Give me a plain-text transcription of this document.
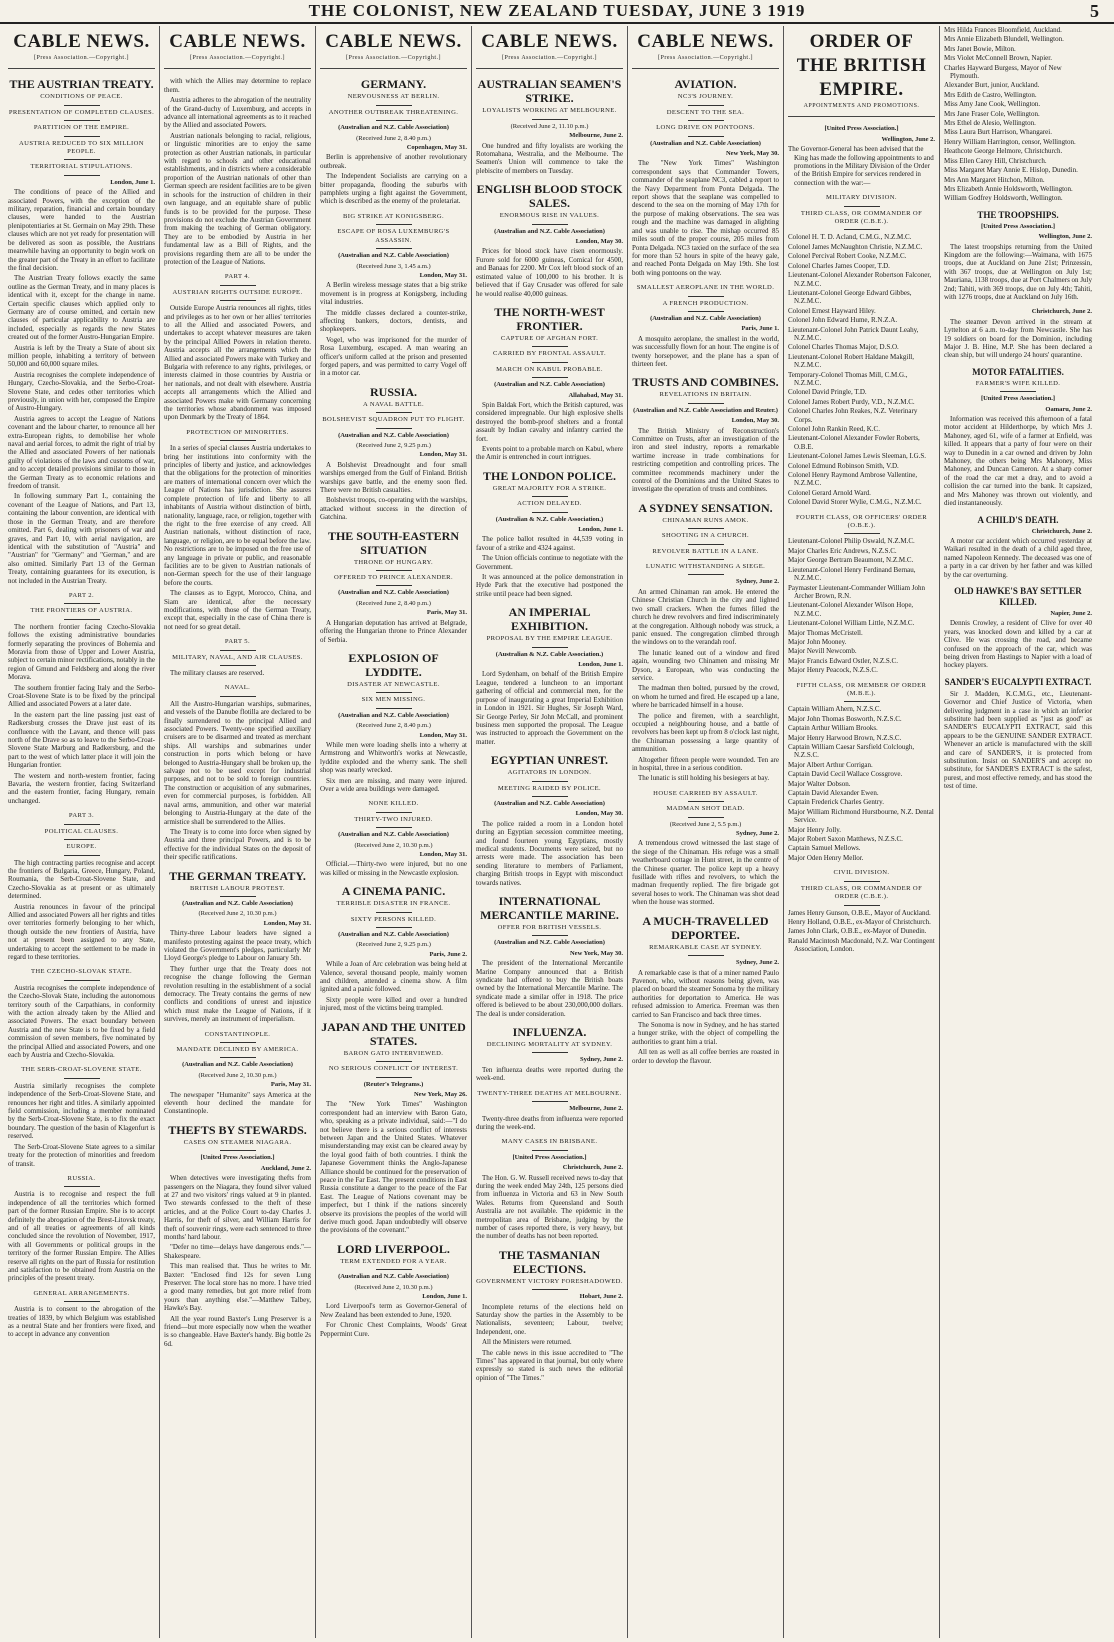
THE COLONIST, NEW ZEALAND TUESDAY, JUNE 3 1919	5
CABLE NEWS.
[Press Association.—Copyright.]
THE AUSTRIAN TREATY.
CONDITIONS OF PEACE.
PRESENTATION OF COMPLETED CLAUSES.
PARTITION OF THE EMPIRE.
AUSTRIA REDUCED TO SIX MILLION PEOPLE.
TERRITORIAL STIPULATIONS.
London, June 1.

The conditions of peace of the Allied and associated Powers, with the exception of the military, reparation, financial and certain boundary clauses, were handed to the Austrian plenipotentiaries at St. Germain on May 29th. These clauses which are not yet ready for presentation will be delivered as soon as possible, the Austrians meanwhile having an opportunity to begin work on the greater part of the Treaty in an effort to facilitate the final decision.

The Austrian Treaty follows exactly the same outline as the German Treaty, and in many places is identical with it, except for the change in name. Certain specific clauses which applied only to Germany are of course omitted, and certain new clauses of particular applicability to Austria are included, especially as regards the new States created out of the former Austro-Hungarian Empire.

Austria is left by the Treaty a State of about six million people, inhabiting a territory of between 50,000 and 60,000 square miles.

Austria recognises the complete independence of Hungary, Czecho-Slovakia, and the Serbo-Croat-Slovene State, and cedes other territories which previously, in union with her, composed the Empire of Austro-Hungary.

Austria agrees to accept the League of Nations covenant and the labour charter, to renounce all her extra-European rights, to demobilise her whole naval and aerial forces, to admit the right of trial by the Allied and associated Powers of her nationals guilty of violations of the laws and customs of war, and to accept detailed provisions similar to those in the German Treaty as to economic relations and freedom of transit.

In following summary Part I., containing the covenant of the League of Nations, and Part 13, containing the labour convention, are identical with those in the German Treaty, and are therefore omitted. Part 6, dealing with prisoners of war and graves, and Part 10, with aerial navigation, are identical with the substitution of "Austria" and "Austrian" for "Germany" and "German," and are also omitted. Similarly Part 13 of the German Treaty, containing guarantees for its execution, is not included in the Austrian Treaty.

PART 2.
THE FRONTIERS OF AUSTRIA.

The northern frontier facing Czecho-Slovakia follows the existing administrative boundaries formerly separating the provinces of Bohemia and Moravia from those of Upper and Lower Austria, subject to certain minor rectifications, notably in the region of Gmund and Feldsberg and along the river Morava.

The southern frontier facing Italy and the Serbo-Croat-Slovene State is to be fixed by the principal Allied and associated Powers at a later date.

In the eastern part the line passing just east of Radkersburg crosses the Drave just east of its confluence with the Lavant, and thence will pass north of the Drave so as to leave to the Serbo-Croat-Slovene State Marburg and Radkersburg, and the part to the west of which latter place it will join the Hungarian frontier.

The western and north-western frontier, facing Bavaria, the western frontier, facing Switzerland and the eastern frontier, facing Hungary, remain unchanged.

PART 3.
POLITICAL CLAUSES.
EUROPE.

The high contracting parties recognise and accept the frontiers of Bulgaria, Greece, Hungary, Poland, Roumania, the Serb-Croat-Slovene State, and Czecho-Slovakia as at present or as ultimately determined.

Austria renounces in favour of the principal Allied and associated Powers all her rights and titles over territories formerly belonging to her which, though outside the new frontiers of Austria, have not at present been assigned to any State, undertaking to accept the settlement to be made in regard to these territories.

THE CZECHO-SLOVAK STATE.

Austria recognises the complete independence of the Czecho-Slovak State, including the autonomous territory south of the Carpathians, in conformity with the action already taken by the Allied and associated Powers. The exact boundary between Austria and the new State is to be fixed by a field commission of seven members, five nominated by the principal Allied and associated Powers, and one each by Austria and Czecho-Slovakia.

THE SERB-CROAT-SLOVENE STATE.

Austria similarly recognises the complete independence of the Serb-Croat-Slovene State, and renounces her right and titles. A similarly appointed field commission, including a member nominated by the Serb-Croat-Slovene State, is to fix the exact boundary. The question of the basin of Klagenfurt is reserved.

The Serb-Croat-Slovene State agrees to a similar treaty for the protection of minorities and freedom of transit.

RUSSIA.

Austria is to recognise and respect the full independence of all the territories which formed part of the former Russian Empire. She is to accept definitely the abrogation of the Brest-Litovsk treaty, and of all treaties or agreements of all kinds concluded since the revolution of November, 1917, with all Governments or political groups in the territory of the former Russian Empire. The Allies reserve all rights on the part of Russia for restitution and satisfaction to be obtained from Austria on the principles of the present treaty.

GENERAL ARRANGEMENTS.

Austria is to consent to the abrogation of the treaties of 1839, by which Belgium was established as a neutral State and her frontiers were fixed, and to accept in advance any convention

CABLE NEWS.
[Press Association.—Copyright.]

with which the Allies may determine to replace them.

Austria adheres to the abrogation of the neutrality of the Grand-duchy of Luxemburg, and accepts in advance all international agreements as to it reached by the Allied and associated Powers.

Austrian nationals belonging to racial, religious, or linguistic minorities are to enjoy the same protection as other Austrian nationals, in particular with regard to schools and other educational establishments, and in districts where a considerable proportion of the Austrian nationals of other than German speech are resident facilities are to be given in schools for the instruction of children in their own language, and an equitable share of public funds is to be provided for the purpose. These provisions do not exclude the Austrian Government from making the teaching of German obligatory. They are to be embodied by Austria in her fundamental law as a Bill of Rights, and the provisions regarding them are all to be under the protection of the League of Nations.

PART 4.
AUSTRIAN RIGHTS OUTSIDE EUROPE.

Outside Europe Austria renounces all rights, titles and privileges as to her own or her allies' territories to all the Allied and associated Powers, and undertakes to accept whatever measures are taken by the principal Allied Powers in relation thereto. Austria accepts all the arrangements which the Allied and associated Powers make with Turkey and Bulgaria with reference to any rights, privileges, or interests claimed in those countries by Austria or her nationals, and not dealt with elsewhere. Austria accepts all arrangements which the Allied and associated Powers make with Germany concerning the territories whose abandonment was imposed upon Denmark by the Treaty of 1864.

PROTECTION OF MINORITIES.

In a series of special clauses Austria undertakes to bring her institutions into conformity with the principles of liberty and justice, and acknowledges that the obligations for the protection of minorities are matters of international concern over which the League of Nations has jurisdiction. She assures complete protection of life and liberty to all inhabitants of Austria without distinction of birth, nationality, language, race, or religion, together with the right to the free exercise of any creed. All Austrian nationals, without distinction of race, language, or religion, are to be equal before the law. No restrictions are to be imposed on the free use of any language in private or public, and reasonable facilities are to be given to Austrian nationals of non-German speech for the use of their language before the courts.

The clauses as to Egypt, Morocco, China, and Siam are identical, after the necessary modifications, with those of the German Treaty, except that, especially in the case of China there is not need for so great detail.

PART 5.
MILITARY, NAVAL, AND AIR CLAUSES.

The military clauses are reserved.

NAVAL.

All the Austro-Hungarian warships, submarines, and vessels of the Danube flotilla are declared to be finally surrendered to the principal Allied and associated Powers. Twenty-one specified auxiliary cruisers are to be disarmed and treated as merchant ships. All warships and submarines under construction in ports which belong or have belonged to Austria-Hungary shall be broken up, the salvage not to be used except for industrial purposes, and not to be sold to foreign countries. The construction or acquisition of any submarines, even for commercial purposes, is forbidden. All naval arms, ammunition, and other war material belonging to Austria-Hungary at the date of the armistice shall be surrendered to the Allies.

The Treaty is to come into force when signed by Austria and three principal Powers, and is to be effective for the individual States on the deposit of their specific ratifications.

THE GERMAN TREATY.
BRITISH LABOUR PROTEST.
(Australian and N.Z. Cable Association)
(Received June 2, 10.30 p.m.)
London, May 31.

Thirty-three Labour leaders have signed a manifesto protesting against the peace treaty, which violated the Government's pledges, particularly Mr Lloyd George's pledge to Labour on January 5th.

They further urge that the Treaty does not recognise the change following the German revolution resulting in the establishment of a social democracy. The Treaty contains the germs of new conflicts and conditions of unrest and injustice which must make the League of Nations, if it survives, merely an instrument of imperialism.

CONSTANTINOPLE.
MANDATE DECLINED BY AMERICA.
(Australian and N.Z. Cable Association)
(Received June 2, 10.30 p.m.)
Paris, May 31.

The newspaper "Humanite" says America at the eleventh hour declined the mandate for Constantinople.

THEFTS BY STEWARDS.
CASES ON STEAMER NIAGARA.
[United Press Association.]
Auckland, June 2.

When detectives were investigating thefts from passengers on the Niagara, they found silver valued at 27 and two visitors' rings valued at 9 in planted. Two stewards confessed to the theft of these articles, and at the Police Court to-day Charles J. Harris, for theft of silver, and William Harris for theft of souvenir rings, were each sentenced to three months' hard labour.

"Defer no time—delays have dangerous ends."—Shakespeare.

This man realised that. Thus he writes to Mr. Baxter: "Enclosed find 12s for seven Lung Preserver. The local store has no more. I have tried a good many remedies, but got more relief from yours than anything else."—Matthew Talbey, Hawke's Bay.

All the year round Baxter's Lung Preserver is a friend—but more especially now when the weather is so changeable. Have Baxter's handy. Big bottle 2s 6d.

CABLE NEWS.
[Press Association.—Copyright.]
GERMANY.
NERVOUSNESS AT BERLIN.
ANOTHER OUTBREAK THREATENING.
(Australian and N.Z. Cable Association)
(Received June 2, 8.40 p.m.)
Copenhagen, May 31.

Berlin is apprehensive of another revolutionary outbreak.

The Independent Socialists are carrying on a bitter propaganda, flooding the suburbs with pamphlets urging a fight against the Government, which is described as the enemy of the proletariat.

BIG STRIKE AT KONIGSBERG.
ESCAPE OF ROSA LUXEMBURG'S ASSASSIN.
(Australian and N.Z. Cable Association)
(Received June 3, 1.45 a.m.)
London, May 31.

A Berlin wireless message states that a big strike movement is in progress at Konigsberg, including vital industries.

The middle classes declared a counter-strike, affecting bankers, doctors, dentists, and shopkeepers.

Vogel, who was imprisoned for the murder of Rosa Luxemburg, escaped. A man wearing an officer's uniform called at the prison and presented forged papers, and was permitted to carry Vogel off in a motor car.

RUSSIA.
A NAVAL BATTLE.
BOLSHEVIST SQUADRON PUT TO FLIGHT.
(Australian and N.Z. Cable Association)
(Received June 2, 9.25 p.m.)
London, May 31.

A Bolshevist Dreadnought and four small warships emerged from the Gulf of Finland. British warships gave battle, and the enemy soon fled. There were no British casualties.

Bolshevist troops, co-operating with the warships, attacked without success in the direction of Gatchina.

THE SOUTH-EASTERN SITUATION
THRONE OF HUNGARY.
OFFERED TO PRINCE ALEXANDER.
(Australian and N.Z. Cable Association)
(Received June 2, 8.40 p.m.)
Paris, May 31.

A Hungarian deputation has arrived at Belgrade, offering the Hungarian throne to Prince Alexander of Serbia.

EXPLOSION OF LYDDITE.
DISASTER AT NEWCASTLE.
SIX MEN MISSING.
(Australian and N.Z. Cable Association)
(Received June 2, 8.40 p.m.)
London, May 31.

While men were loading shells into a wherry at Armstrong and Whitworth's works at Newcastle, lyddite exploded and the wherry sank. The shell shop was nearly wrecked.

Six men are missing, and many were injured. Over a wide area buildings were damaged.

NONE KILLED.
THIRTY-TWO INJURED.
(Australian and N.Z. Cable Association)
(Received June 2, 10.30 p.m.)
London, May 31.

Official.—Thirty-two were injured, but no one was killed or missing in the Newcastle explosion.

A CINEMA PANIC.
TERRIBLE DISASTER IN FRANCE.
SIXTY PERSONS KILLED.
(Australian and N.Z. Cable Association)
(Received June 2, 9.25 p.m.)
Paris, June 2.

While a Joan of Arc celebration was being held at Valence, several thousand people, mainly women and children, attended a cinema show. A film ignited and a panic followed.

Sixty people were killed and over a hundred injured, most of the victims being trampled.

JAPAN AND THE UNITED STATES.
BARON GATO INTERVIEWED.
NO SERIOUS CONFLICT OF INTEREST.
(Reuter's Telegrams.)
New York, May 26.

The "New York Times" Washington correspondent had an interview with Baron Gato, who, speaking as a private individual, said:—"I do not believe there is a serious conflict of interests between Japan and the United States. Whatever misunderstanding may exist can be cleared away by the loyal good faith of both countries. I think the Japanese Government thinks the Anglo-Japanese Alliance should be continued for the preservation of peace in the Far East. The present conditions in East Russia constitute a danger to the peace of the Far East. The League of Nations covenant may be imperfect, but I think if the nations sincerely observe its provisions the peoples of the world will derive much good. Japan undoubtedly will observe the provisions of the covenant."

LORD LIVERPOOL.
TERM EXTENDED FOR A YEAR.
(Australian and N.Z. Cable Association)
(Received June 2, 10.30 p.m.)
London, June 1.

Lord Liverpool's term as Governor-General of New Zealand has been extended to June, 1920.

For Chronic Chest Complaints, Woods' Great Peppermint Cure.

CABLE NEWS.
[Press Association.—Copyright.]
AUSTRALIAN SEAMEN'S STRIKE.
LOYALISTS WORKING AT MELBOURNE.
(Received June 2, 11.10 p.m.)
Melbourne, June 2.

One hundred and fifty loyalists are working the Rotomahana, Westralia, and the Melbourne. The Seamen's Union will commence to take the plebiscite of members on Tuesday.

ENGLISH BLOOD STOCK SALES.
ENORMOUS RISE IN VALUES.
(Australian and N.Z. Cable Association)
London, May 30.

Prices for blood stock have risen enormously. Furore sold for 6000 guineas, Comical for 4500, and Banaas for 2200. Mr Cox left blood stock of an estimated value of 100,000 to his brother. It is believed that if Gay Crusader was offered for sale he would realise 40,000 guineas.

THE NORTH-WEST FRONTIER.
CAPTURE OF AFGHAN FORT.
CARRIED BY FRONTAL ASSAULT.
MARCH ON KABUL PROBABLE.
(Australian and N.Z. Cable Association)
Allahabad, May 31.

Spin Baldak Fort, which the British captured, was considered impregnable. Our high explosive shells destroyed the bomb-proof shelters and a frontal assault by Indian cavalry and infantry carried the fort.

Events point to a probable march on Kabul, where the Amir is entrenched in court intrigues.

THE LONDON POLICE.
GREAT MAJORITY FOR A STRIKE.
ACTION DELAYED.
(Australian & N.Z. Cable Association.)
London, June 1.

The police ballot resulted in 44,539 voting in favour of a strike and 4324 against.

The Union officials continue to negotiate with the Government.

It was announced at the police demonstration in Hyde Park that the executive had postponed the strike until peace had been signed.

AN IMPERIAL EXHIBITION.
PROPOSAL BY THE EMPIRE LEAGUE.
(Australian & N.Z. Cable Association.)
London, June 1.

Lord Sydenham, on behalf of the British Empire League, tendered a luncheon to an important gathering of official and commercial men, for the purpose of inaugurating a great Imperial Exhibition in London in 1921. Sir Hughes, Sir Joseph Ward, Sir George Perley, Sir John McCall, and prominent business men supported the proposal. The League was instructed to approach the Government on the matter.

EGYPTIAN UNREST.
AGITATORS IN LONDON.
MEETING RAIDED BY POLICE.
(Australian and N.Z. Cable Association)
London, May 30.

The police raided a room in a London hotel during an Egyptian secession committee meeting, and found fourteen young Egyptians, mostly medical students. Documents were seized, but no arrests were made. The association has been sending literature to members of Parliament, charging British troops in Egypt with misconduct towards natives.

INTERNATIONAL MERCANTILE MARINE.
OFFER FOR BRITISH VESSELS.
(Australian and N.Z. Cable Association)
New York, May 30.

The president of the International Mercantile Marine Company announced that a British syndicate had offered to buy the British boats owned by the International Mercantile Marine. The syndicate made a similar offer in 1918. The price offered is believed to be about 230,000,000 dollars. The deal is under consideration.

INFLUENZA.
DECLINING MORTALITY AT SYDNEY.
Sydney, June 2.

Ten influenza deaths were reported during the week-end.

TWENTY-THREE DEATHS AT MELBOURNE.
Melbourne, June 2.

Twenty-three deaths from influenza were reported during the week-end.

MANY CASES IN BRISBANE.
[United Press Association.]
Christchurch, June 2.

The Hon. G. W. Russell received news to-day that during the week ended May 24th, 125 persons died from influenza in Victoria and 63 in New South Wales. Returns from Queensland and South Australia are not available. The epidemic in the metropolitan area of Brisbane, judging by the number of cases reported there, is very heavy, but the number of deaths has not been reported.

THE TASMANIAN ELECTIONS.
GOVERNMENT VICTORY FORESHADOWED.
Hobart, June 2.

Incomplete returns of the elections held on Saturday show the parties in the Assembly to be Nationalists, seventeen; Labour, twelve; Independent, one.

All the Ministers were returned.

The cable news in this issue accredited to "The Times" has appeared in that journal, but only where expressly so stated is such news the editorial opinion of "The Times."

CABLE NEWS.
[Press Association.—Copyright.]
AVIATION.
NC3'S JOURNEY.
DESCENT TO THE SEA.
LONG DRIVE ON PONTOONS.
(Australian and N.Z. Cable Association)
New York, May 30.

The "New York Times" Washington correspondent says that Commander Towers, commander of the seaplane NC3, cabled a report to the Navy Department from Ponta Delgada. The report shows that the seaplane was compelled to descend to the sea on the morning of May 17th for the purpose of making observations. The sea was rough and the machine was damaged in alighting and was unable to rise. The mishap occurred 85 miles south of the proper course, 205 miles from Ponta Delgada. NC3 taxied on the surface of the sea for more than 52 hours in spite of the heavy gale, and reached Ponta Delgada on May 19th. She lost both wing pontoons on the way.

SMALLEST AEROPLANE IN THE WORLD.
A FRENCH PRODUCTION.
(Australian and N.Z. Cable Association)
Paris, June 1.

A mosquito aeroplane, the smallest in the world, was successfully flown for an hour. The engine is of twenty horsepower, and the plane has a span of thirteen feet.

TRUSTS AND COMBINES.
REVELATIONS IN BRITAIN.
(Australian and N.Z. Cable Association and Reuter.)
London, May 30.

The British Ministry of Reconstruction's Committee on Trusts, after an investigation of the iron and steel industry, reports a remarkable wartime increase in trade combinations for restricting competition and controlling prices. The committee recommends machinery under the control of the Dominions and the United States to investigate the operation of trusts and combines.

A SYDNEY SENSATION.
CHINAMAN RUNS AMOK.
SHOOTING IN A CHURCH.
REVOLVER BATTLE IN A LANE.
LUNATIC WITHSTANDING A SIEGE.
Sydney, June 2.

An armed Chinaman ran amok. He entered the Chinese Christian Church in the city and lighted two small crackers. When the fumes filled the church he drew revolvers and fired indiscriminately at the congregation. Although nobody was struck, a panic ensued. The congregation climbed through the windows on to the verandah roof.

The lunatic leaned out of a window and fired again, wounding two Chinamen and missing Mr Dyson, a European, who was conducting the service.

The madman then bolted, pursued by the crowd, on whom he turned and fired. He escaped up a lane, where he barricaded himself in a house.

The police and firemen, with a searchlight, occupied a neighbouring house, and a battle of revolvers has been kept up from 8 o'clock last night, the Chinaman possessing a large quantity of ammunition.

Altogether fifteen people were wounded. Ten are in hospital, three in a serious condition.

The lunatic is still holding his besiegers at bay.

HOUSE CARRIED BY ASSAULT.
MADMAN SHOT DEAD.
(Received June 2, 5.5 p.m.)
Sydney, June 2.

A tremendous crowd witnessed the last stage of the siege of the Chinaman. His refuge was a small weatherboard cottage in Hunt street, in the centre of the Chinese quarter. The police kept up a heavy fusillade with rifles and revolvers, to which the madman frequently replied. The fire brigade got several hoses to work. The Chinaman was shot dead when the house was stormed.

A MUCH-TRAVELLED DEPORTEE.
REMARKABLE CASE AT SYDNEY.
Sydney, June 2.

A remarkable case is that of a miner named Paulo Pavenon, who, without reasons being given, was placed on board the steamer Sonoma by the military authorities for deportation to America. He was refused admission to America. Freeman was then carried to San Francisco and back three times.

The Sonoma is now in Sydney, and he has started a hunger strike, with the object of compelling the authorities to grant him a trial.

All ten as well as all coffee berries are roasted in order to develop the flavour.

ORDER OF THE BRITISH EMPIRE.
APPOINTMENTS AND PROMOTIONS.
[United Press Association.]
Wellington, June 2.

The Governor-General has been advised that the King has made the following appointments to and promotions in the Military Division of the Order of the British Empire for services rendered in connection with the war:—

MILITARY DIVISION.
THIRD CLASS, OR COMMANDER OF ORDER (C.B.E.).

Colonel H. T. D. Acland, C.M.G., N.Z.M.C.

Colonel James McNaughton Christie, N.Z.M.C.

Colonel Percival Robert Cooke, N.Z.M.C.

Colonel Charles James Cooper, T.D.

Lieutenant-Colonel Alexander Robertson Falconer, N.Z.M.C.

Lieutenant-Colonel George Edward Gibbes, N.Z.M.C.

Colonel Ernest Hayward Hiley.

Colonel John Edward Hume, R.N.Z.A.

Lieutenant-Colonel John Patrick Daunt Leahy, N.Z.M.C.

Colonel Charles Thomas Major, D.S.O.

Lieutenant-Colonel Robert Haldane Makgill, N.Z.M.C.

Temporary-Colonel Thomas Mill, C.M.G., N.Z.M.C.

Colonel David Pringle, T.D.

Colonel James Robert Purdy, V.D., N.Z.M.C.

Colonel Charles John Reakes, N.Z. Veterinary Corps.

Colonel John Rankin Reed, K.C.

Lieutenant-Colonel Alexander Fowler Roberts, O.B.E.

Lieutenant-Colonel James Lewis Sleeman, I.G.S.

Colonel Edmund Robinson Smith, V.D.

Colonel Henry Raymond Ambrose Vallentine, N.Z.M.C.

Colonel Gerard Arnold Ward.

Colonel David Storer Wylie, C.M.G., N.Z.M.C.

FOURTH CLASS, OR OFFICERS' ORDER (O.B.E.).

Lieutenant-Colonel Philip Oswald, N.Z.M.C.

Major Charles Eric Andrews, N.Z.S.C.

Major George Bertram Beaumont, N.Z.M.C.

Lieutenant-Colonel Henry Ferdinand Bernau, N.Z.M.C.

Paymaster Lieutenant-Commander William John Archer Brown, R.N.

Lieutenant-Colonel Alexander Wilson Hope, N.Z.M.C.

Lieutenant-Colonel William Little, N.Z.M.C.

Major Thomas McCristell.

Major John Mooney.

Major Nevill Newcomb.

Major Francis Edward Ostler, N.Z.S.C.

Major Henry Peacock, N.Z.S.C.

FIFTH CLASS, OR MEMBER OF ORDER (M.B.E.).

Captain William Ahern, N.Z.S.C.

Major John Thomas Bosworth, N.Z.S.C.

Captain Arthur William Brooks.

Major Henry Harwood Brown, N.Z.S.C.

Captain William Caesar Sarsfield Colclough, N.Z.S.C.

Major Albert Arthur Corrigan.

Captain David Cecil Wallace Cossgrove.

Major Walter Dobson.

Captain David Alexander Ewen.

Captain Frederick Charles Gentry.

Major William Richmond Hurstbourne, N.Z. Dental Service.

Major Henry Jolly.

Major Robert Saxon Matthews, N.Z.S.C.

Captain Samuel Mellows.

Major Oden Henry Mellor.

CIVIL DIVISION.
THIRD CLASS, OR COMMANDER OF ORDER (C.B.E.).

James Henry Gunson, O.B.E., Mayor of Auckland.

Henry Holland, O.B.E., ex-Mayor of Christchurch.

James John Clark, O.B.E., ex-Mayor of Dunedin.

Ranald Macintosh Macdonald, N.Z. War Contingent Association, London.

Mrs Hilda Frances Bloomfield, Auckland.

Mrs Annie Elizabeth Blundell, Wellington.

Mrs Janet Bowie, Milton.

Mrs Violet McConnell Brown, Napier.

Charles Hayward Burgess, Mayor of New Plymouth.

Alexander Burt, junior, Auckland.

Mrs Edith de Castro, Wellington.

Miss Amy Jane Cook, Wellington.

Mrs Jane Fraser Cole, Wellington.

Mrs Ethel de Alesio, Wellington.

Miss Laura Burt Harrison, Whangarei.

Henry William Harrington, censor, Wellington.

Heathcote George Helmore, Christchurch.

Miss Ellen Carey Hill, Christchurch.

Miss Margaret Mary Annie E. Hislop, Dunedin.

Mrs Ann Margaret Hitchon, Milton.

Mrs Elizabeth Annie Holdsworth, Wellington.

William Godfrey Holdsworth, Wellington.

THE TROOPSHIPS.
[United Press Association.]
Wellington, June 2.

The latest troopships returning from the United Kingdom are the following:—Waimana, with 1675 troops, due at Auckland on June 21st; Prinzessin, with 367 troops, due at Wellington on July 1st; Mauriana, 1138 troops, due at Port Chalmers on July 2nd; Tahiti, with 369 troops, due on July 4th; Tahiti, with 1276 troops, due at Auckland on July 16th.

Christchurch, June 2.

The steamer Devon arrived in the stream at Lyttelton at 6 a.m. to-day from Newcastle. She has 19 soldiers on board for the Dominion, including Major J. B. Hine, M.P. She has been declared a clean ship, but will undergo 24 hours' quarantine.

MOTOR FATALITIES.
FARMER'S WIFE KILLED.
[United Press Association.]
Oamaru, June 2.

Information was received this afternoon of a fatal motor accident at Hilderthorpe, by which Mrs J. Mahoney, aged 61, wife of a farmer at Enfield, was killed. It appears that a party of four were on their way to Dunedin in a car owned and driven by John Mahoney, the others being Mrs Mahoney, Miss Mahoney, and Duncan Cameron. At a sharp corner of the road the car met a dray, and to avoid a collision the car turned into the bank. It capsized, and Mrs Mahoney was thrown out violently, and died instantaneously.

A CHILD'S DEATH.
Christchurch, June 2.

A motor car accident which occurred yesterday at Waikari resulted in the death of a child aged three, named Napoleon Kennedy. The deceased was one of a party in a car driven by her father and was killed by the car overturning.

OLD HAWKE'S BAY SETTLER KILLED.
Napier, June 2.

Dennis Crowley, a resident of Clive for over 40 years, was knocked down and killed by a car at Clive. He was crossing the road, and became confused on the approach of the car, which was being driven from Hastings to Napier with a load of hockey players.

SANDER'S EUCALYPTI EXTRACT.

Sir J. Madden, K.C.M.G., etc., Lieutenant-Governor and Chief Justice of Victoria, when delivering judgment in a case in which an inferior substitute had been supplied as "just as good" as SANDER'S EUCALYPTI EXTRACT, said this appears to be the GENUINE SANDER EXTRACT. Whenever an article is manufactured with the skill and care of SANDER'S, it is protected from substitution. Insist on SANDER'S and accept no substitute, for SANDER'S EXTRACT is the safest, purest, and most effective remedy, and has stood the test of time.
